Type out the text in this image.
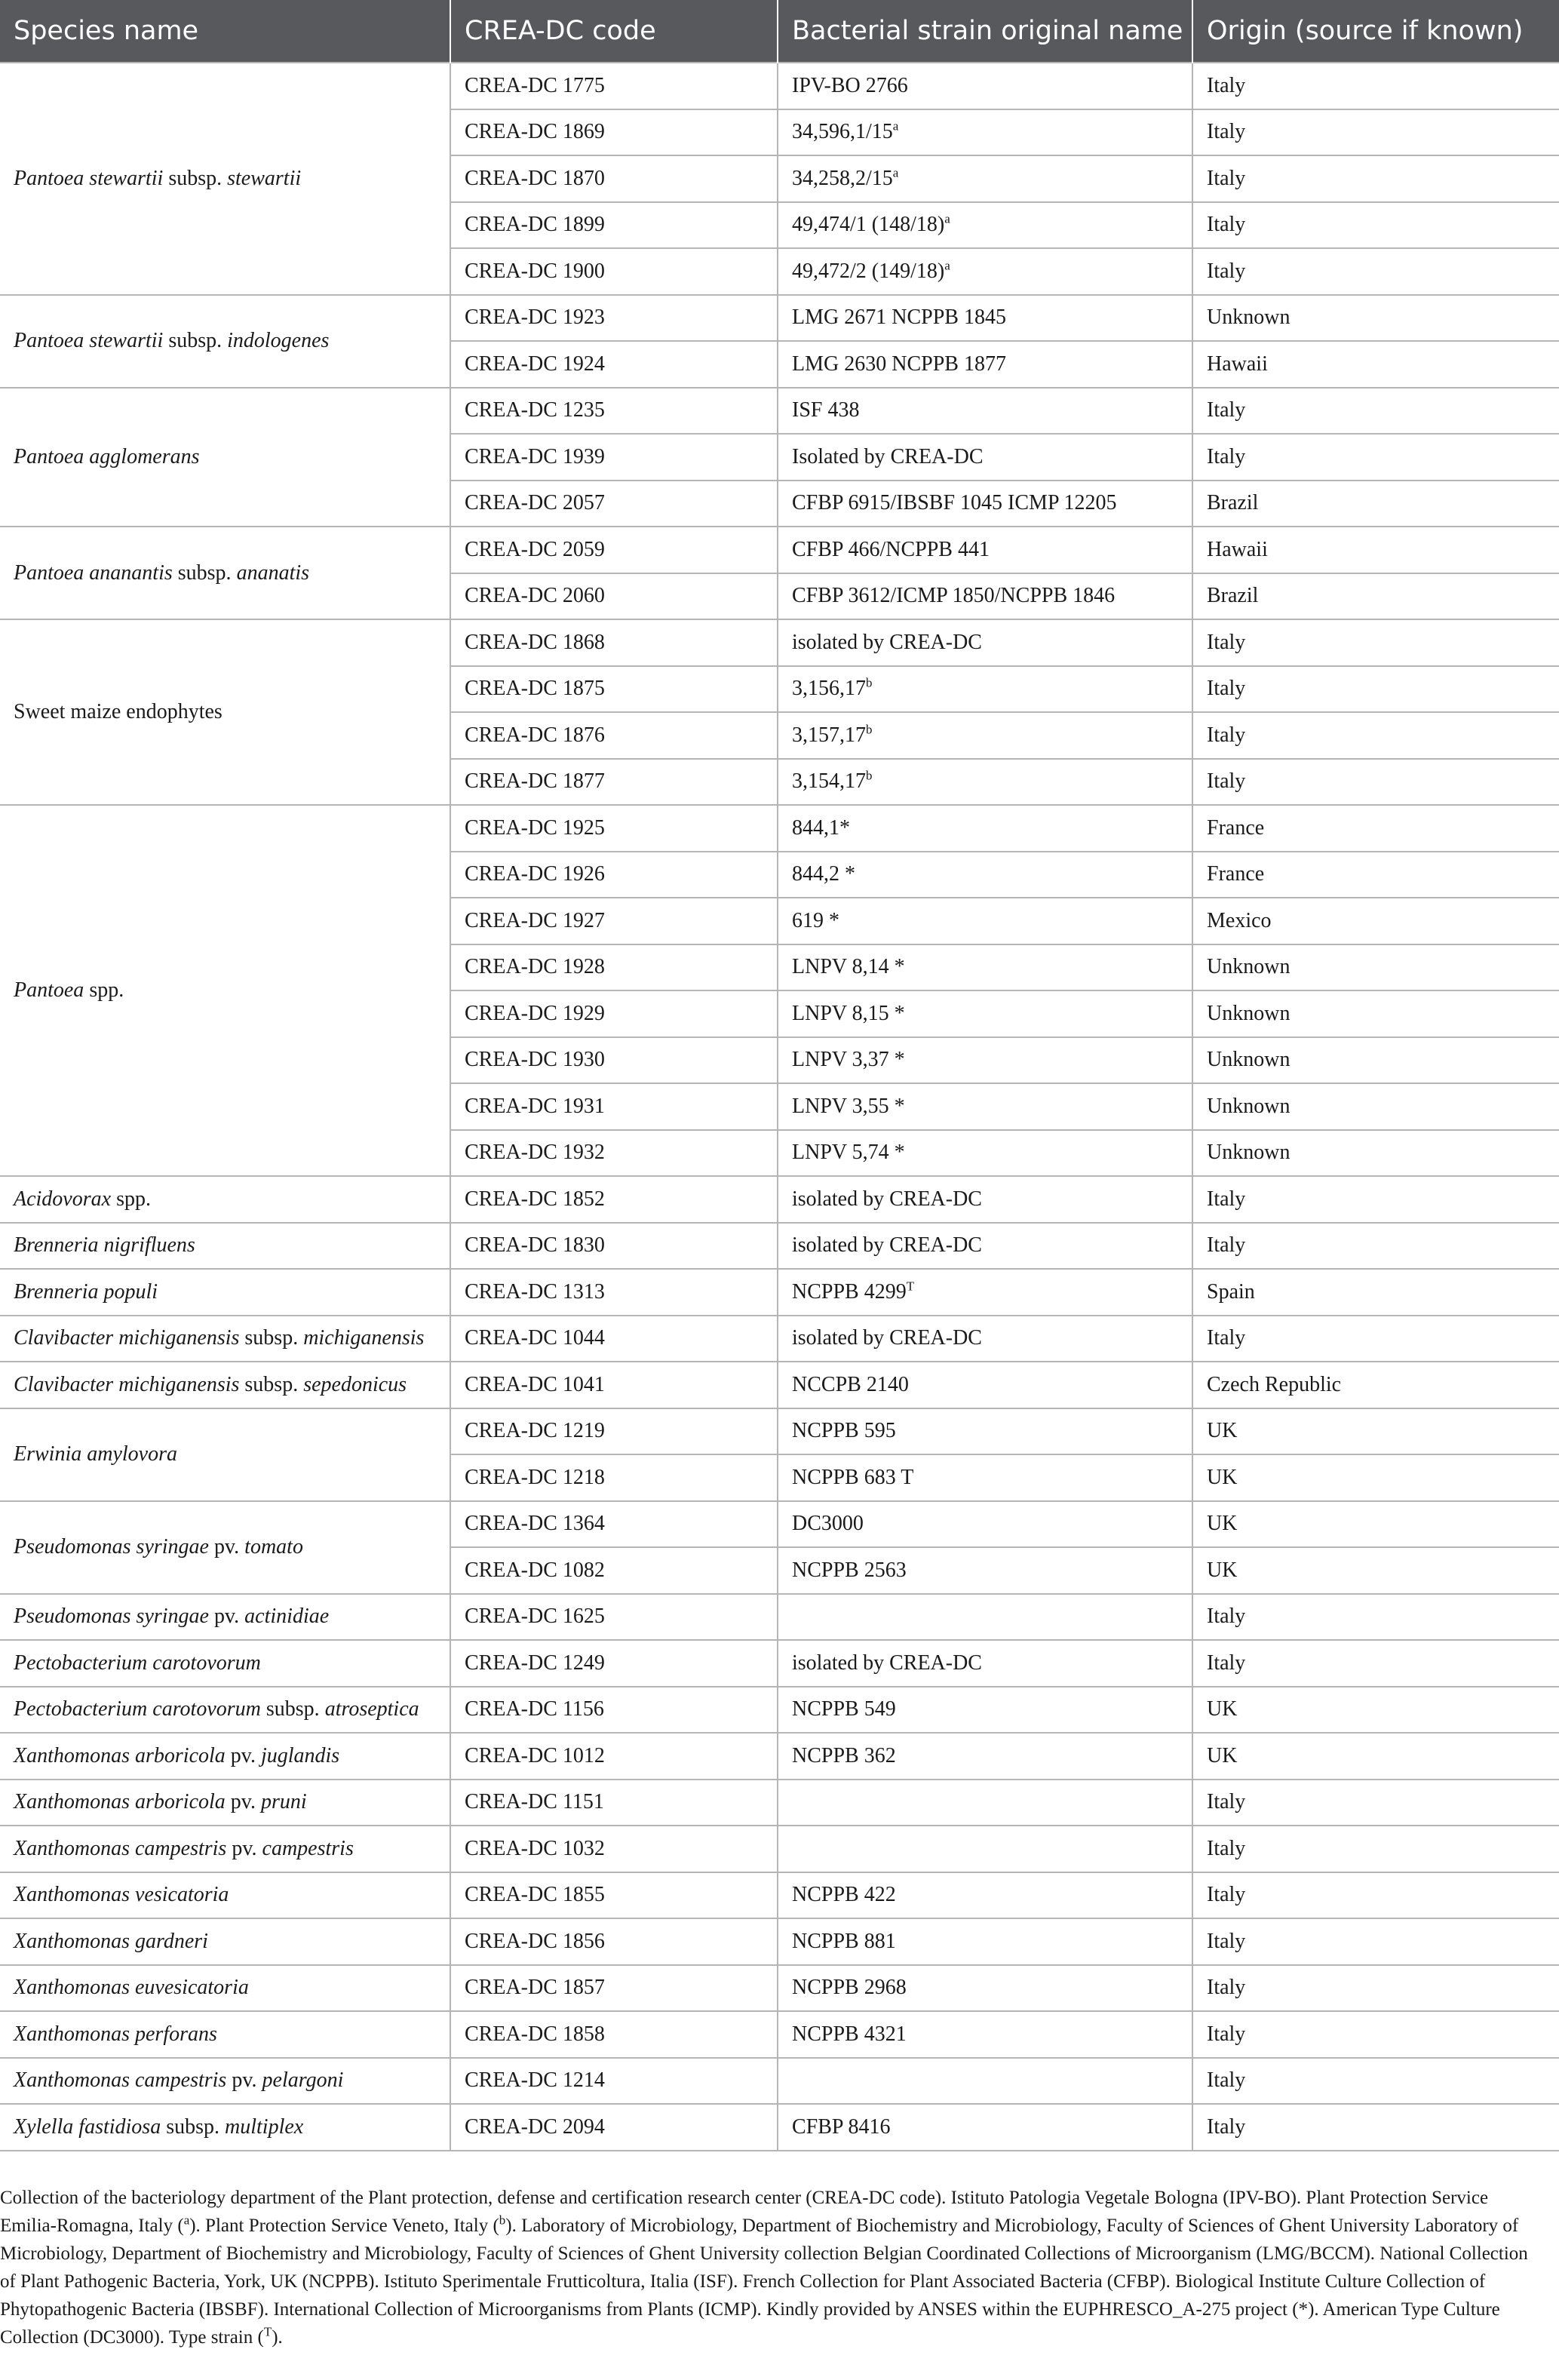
Species name	CREA-DC code	Bacterial strain original name	Origin (source if known)
Pantoea stewartii subsp. stewartii	CREA-DC 1775	IPV-BO 2766	Italy
	CREA-DC 1869	34,596,1/15$^a$	Italy
	CREA-DC 1870	34,258,2/15$^a$	Italy
	CREA-DC 1899	49,474/1 $(148/18)^a$	Italy
	CREA-DC 1900	49,472/2 $(149/18)^a$	Italy
Pantoea stewartii subsp. indologenes	CREA-DC 1923	LMG 2671 NCPPB 1845	Unknown
	CREA-DC 1924	LMG 2630 NCPPB 1877	Hawaii
Pantoea agglomerans	CREA-DC 1235	ISF 438	Italy
	CREA-DC 1939	Isolated by CREA-DC	Italy
	CREA-DC 2057	CFBP 6915/IBSBF 1045 ICMP 12205	Brazil
Pantoea ananantis subsp. ananatis	CREA-DC 2059	CFBP 466/NCPPB 441	Hawaii
	CREA-DC 2060	CFBP 3612/ICMP 1850/NCPPB 1846	Brazil
Sweet maize endophytes	CREA-DC 1868	isolated by CREA-DC	Italy
	CREA-DC 1875	3,156,17$^b$	Italy
	CREA-DC 1876	3,157,17$^b$	Italy
	CREA-DC 1877	3,154,17$^b$	Italy
Pantoea spp.	CREA-DC 1925	844,1*	France
	CREA-DC 1926	844,2 *	France
	CREA-DC 1927	619 *	Mexico
	CREA-DC 1928	LNPV 8,14 *	Unknown
	CREA-DC 1929	LNPV 8,15 *	Unknown
	CREA-DC 1930	LNPV 3,37 *	Unknown
	CREA-DC 1931	LNPV 3,55 *	Unknown
	CREA-DC 1932	LNPV 5,74 *	Unknown
Acidovorax spp.	CREA-DC 1852	isolated by CREA-DC	Italy
Brenneria nigrifluens	CREA-DC 1830	isolated by CREA-DC	Italy
Brenneria populi	CREA-DC 1313	NCPPB $4299^T$	Spain
Clavibacter michiganensis subsp. michiganensis	CREA-DC 1044	isolated by CREA-DC	Italy
Clavibacter michiganensis subsp. sepedonicus	CREA-DC 1041	NCCPB 2140	Czech Republic
Erwinia amylovora	CREA-DC 1219	NCPPB 595	UK
	CREA-DC 1218	NCPPB 683 T	UK
Pseudomonas syringae pv. tomato	CREA-DC 1364	DC3000	UK
	CREA-DC 1082	NCPPB 2563	UK
Pseudomonas syringae pv. actinidiae	CREA-DC 1625		Italy
Pectobacterium carotovorum	CREA-DC 1249	isolated by CREA-DC	Italy
Pectobacterium carotovorum subsp. atroseptica	CREA-DC 1156	NCPPB 549	UK
Xanthomonas arboricola pv. juglandis	CREA-DC 1012	NCPPB 362	UK
Xanthomonas arboricola pv. pruni	CREA-DC 1151		Italy
Xanthomonas campestris pv. campestris	CREA-DC 1032		Italy
Xanthomonas vesicatoria	CREA-DC 1855	NCPPB 422	Italy
Xanthomonas gardneri	CREA-DC 1856	NCPPB 881	Italy
Xanthomonas euvesicatoria	CREA-DC 1857	NCPPB 2968	Italy
Xanthomonas perforans	CREA-DC 1858	NCPPB 4321	Italy
Xanthomonas campestris pv. pelargoni	CREA-DC 1214		Italy
Xylella fastidiosa subsp. multiplex	CREA-DC 2094	CFBP 8416	Italy
Collection of the bacteriology department of the Plant protection, defense and certification research center (CREA-DC code). Istituto Patologia Vegetale Bologna (IPV-BO). Plant Protection Service Emilia-Romagna, Italy ($^a$). Plant Protection Service Veneto, Italy ($^b$). Laboratory of Microbiology, Department of Biochemistry and Microbiology, Faculty of Sciences of Ghent University Laboratory of Microbiology, Department of Biochemistry and Microbiology, Faculty of Sciences of Ghent University collection Belgian Coordinated Collections of Microorganism (LMG/BCCM). National Collection of Plant Pathogenic Bacteria, York, UK (NCPPB). Istituto Sperimentale Frutticoltura, Italia (ISF). French Collection for Plant Associated Bacteria (CFBP). Biological Institute Culture Collection of Phytopathogenic Bacteria (IBSBF). International Collection of Microorganisms from Plants (ICMP). Kindly provided by ANSES within the EUPHRESCO_A-275 project (*). American Type Culture Collection (DC3000). Type strain ($^T$).
